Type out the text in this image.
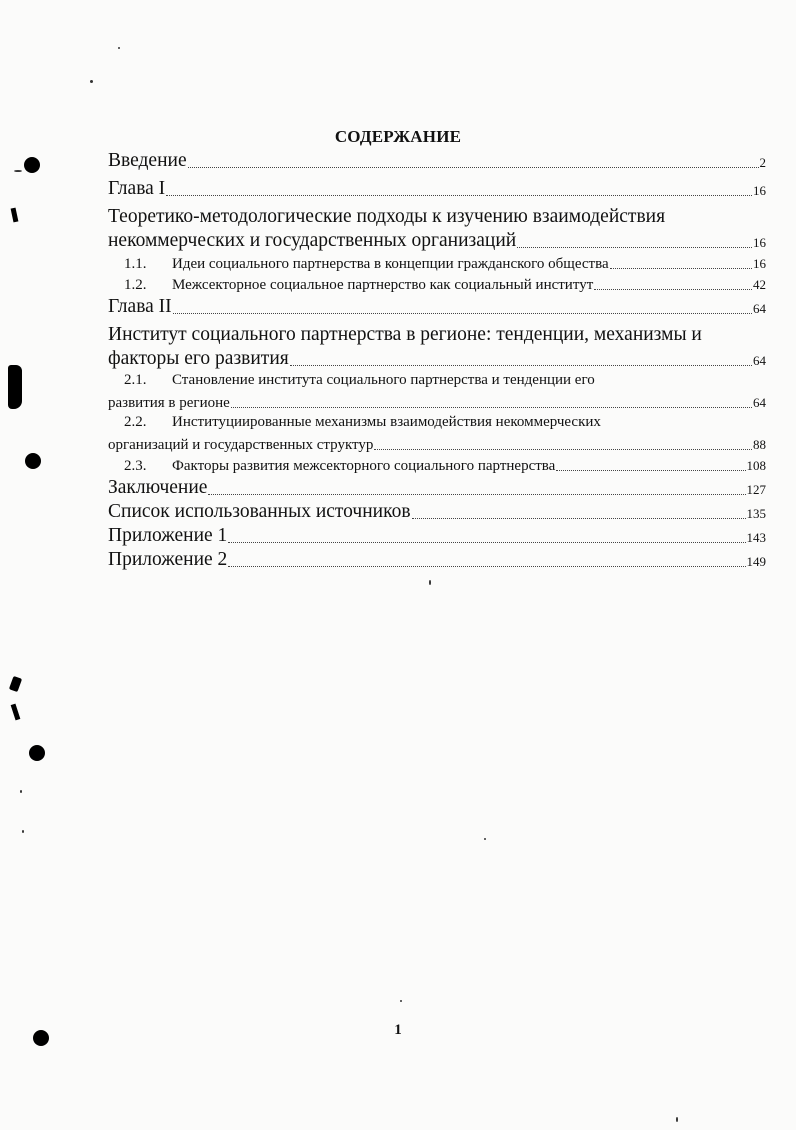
СОДЕРЖАНИЕ
Введение	2
Глава I	16
Теоретико-методологические подходы к изучению взаимодействия
некоммерческих и государственных организаций	16
1.1.	Идеи социального партнерства в концепции гражданского общества	16
1.2.	Межсекторное социальное партнерство как социальный институт	42
Глава II	64
Институт социального партнерства в регионе: тенденции, механизмы и
факторы его развития	64
2.1. Становление института социального партнерства и тенденции его
развития в регионе	64
2.2. Институциированные механизмы взаимодействия некоммерческих
организаций и государственных структур	88
2.3.	Факторы развития межсекторного социального партнерства	108
Заключение	127
Список использованных источников	135
Приложение 1	143
Приложение 2	149
1
